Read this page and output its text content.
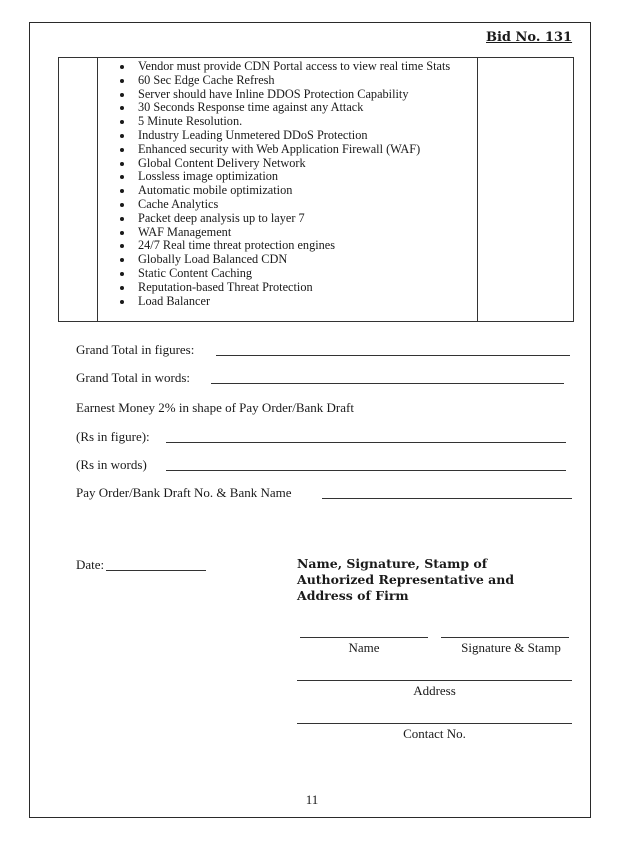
Bid No. 131
Vendor must provide CDN Portal access to view real time Stats
60 Sec Edge Cache Refresh
Server should have Inline DDOS Protection Capability
30 Seconds Response time against any Attack
5 Minute Resolution.
Industry Leading Unmetered DDoS Protection
Enhanced security with Web Application Firewall (WAF)
Global Content Delivery Network
Lossless image optimization
Automatic mobile optimization
Cache Analytics
Packet deep analysis up to layer 7
WAF Management
24/7 Real time threat protection engines
Globally Load Balanced CDN
Static Content Caching
Reputation-based Threat Protection
Load Balancer
Grand Total in figures:
Grand Total in words:
Earnest Money 2% in shape of Pay Order/Bank Draft
(Rs in figure):
(Rs in words)
Pay Order/Bank Draft No. & Bank Name
Date:	Name, Signature, Stamp of Authorized Representative and Address of Firm
Name	Signature & Stamp
Address
Contact No.
11
